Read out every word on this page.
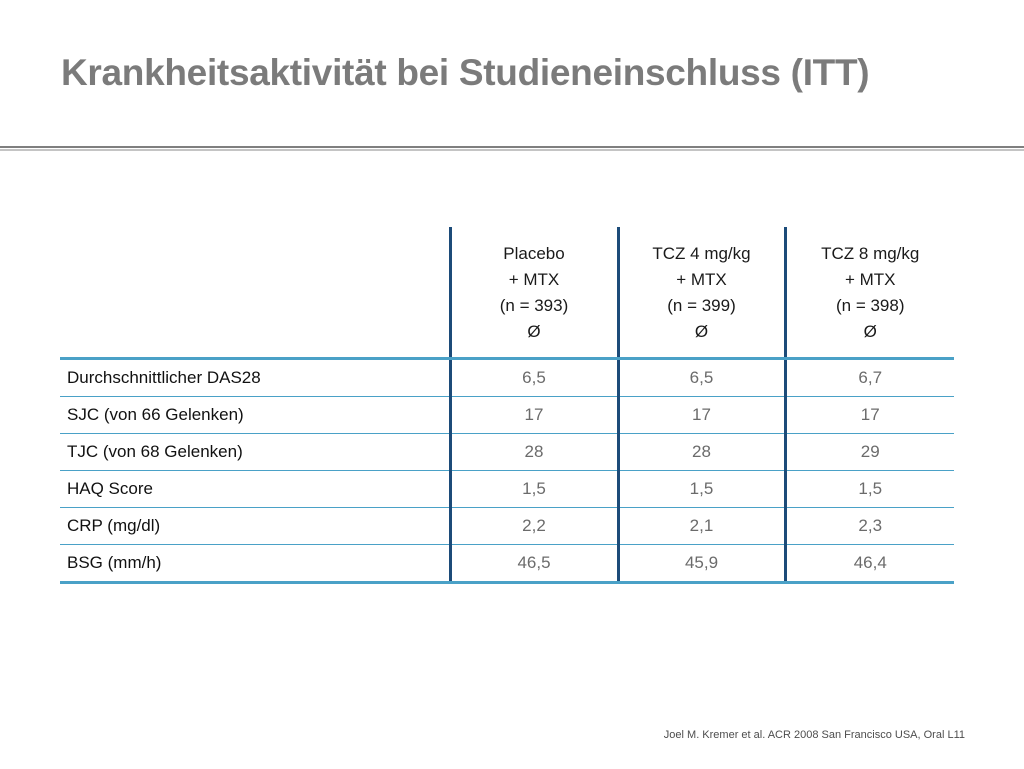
Krankheitsaktivität bei Studieneinschluss (ITT)

	Placebo
+ MTX
(n = 393)
Ø	TCZ 4 mg/kg
+ MTX
(n = 399)
Ø	TCZ 8 mg/kg
+ MTX
(n = 398)
Ø

Durchschnittlicher DAS28	6,5	6,5	6,7
SJC (von 66 Gelenken)	17	17	17
TJC (von 68 Gelenken)	28	28	29
HAQ Score	1,5	1,5	1,5
CRP (mg/dl)	2,2	2,1	2,3
BSG (mm/h)	46,5	45,9	46,4
Joel M. Kremer et al. ACR 2008 San Francisco USA, Oral L11
